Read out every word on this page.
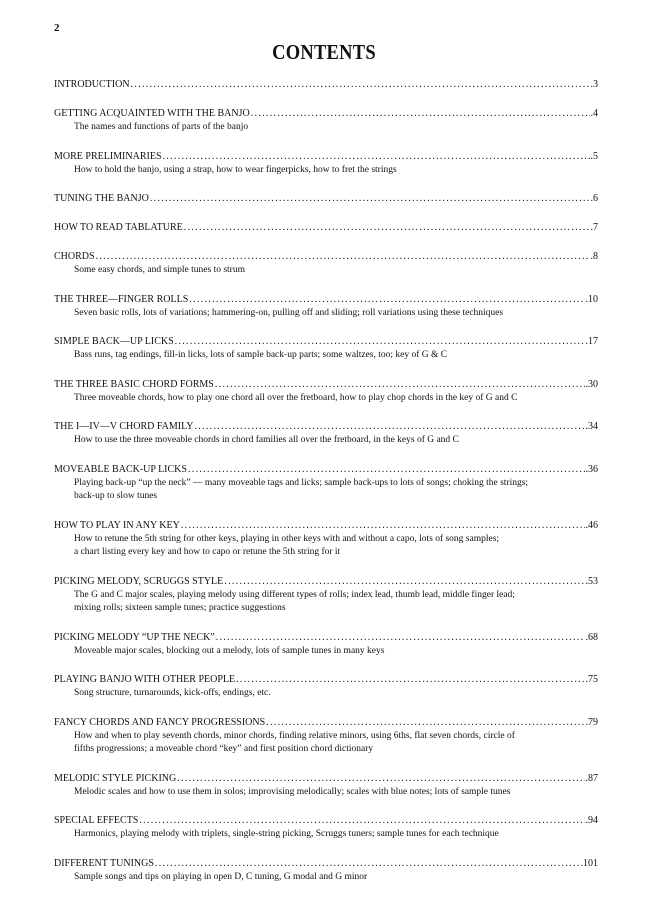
2
CONTENTS
INTRODUCTION . . .	.3
GETTING ACQUAINTED WITH THE BANJO . . .	.4
The names and functions of parts of the banjo
MORE PRELIMINARIES . . .	.5
How to hold the banjo, using a strap, how to wear fingerpicks, how to fret the strings
TUNING THE BANJO . . .	.6
HOW TO READ TABLATURE . . .	.7
CHORDS . . .	.8
Some easy chords, and simple tunes to strum
THE THREE—FINGER ROLLS . . .	.10
Seven basic rolls, lots of variations; hammering-on, pulling off and sliding; roll variations using these techniques
SIMPLE BACK—UP LICKS . . .	.17
Bass runs, tag endings, fill-in licks, lots of sample back-up parts; some waltzes, too; key of G & C
THE THREE BASIC CHORD FORMS . . .	.30
Three moveable chords, how to play one chord all over the fretboard, how to play chop chords in the key of G and C
THE I—IV—V CHORD FAMILY . . .	.34
How to use the three moveable chords in chord families all over the fretboard, in the keys of G and C
MOVEABLE BACK-UP LICKS . . .	.36
Playing back-up “up the neck” — many moveable tags and licks; sample back-ups to lots of songs; choking the strings;
back-up to slow tunes
HOW TO PLAY IN ANY KEY . . .	.46
How to retune the 5th string for other keys, playing in other keys with and without a capo, lots of song samples;
a chart listing every key and how to capo or retune the 5th string for it
PICKING MELODY, SCRUGGS STYLE . . .	.53
The G and C major scales, playing melody using different types of rolls; index lead, thumb lead, middle finger lead;
mixing rolls; sixteen sample tunes; practice suggestions
PICKING MELODY “UP THE NECK” . . .	.68
Moveable major scales, blocking out a melody, lots of sample tunes in many keys
PLAYING BANJO WITH OTHER PEOPLE . . .	.75
Song structure, turnarounds, kick-offs, endings, etc.
FANCY CHORDS AND FANCY PROGRESSIONS . . .	.79
How and when to play seventh chords, minor chords, finding relative minors, using 6ths, flat seven chords, circle of
fifths progressions; a moveable chord “key” and first position chord dictionary
MELODIC STYLE PICKING . . .	.87
Melodic scales and how to use them in solos; improvising melodically; scales with blue notes; lots of sample tunes
SPECIAL EFFECTS . . .	.94
Harmonics, playing melody with triplets, single-string picking, Scruggs tuners; sample tunes for each technique
DIFFERENT TUNINGS . . .	.101
Sample songs and tips on playing in open D, C tuning, G modal and G minor
